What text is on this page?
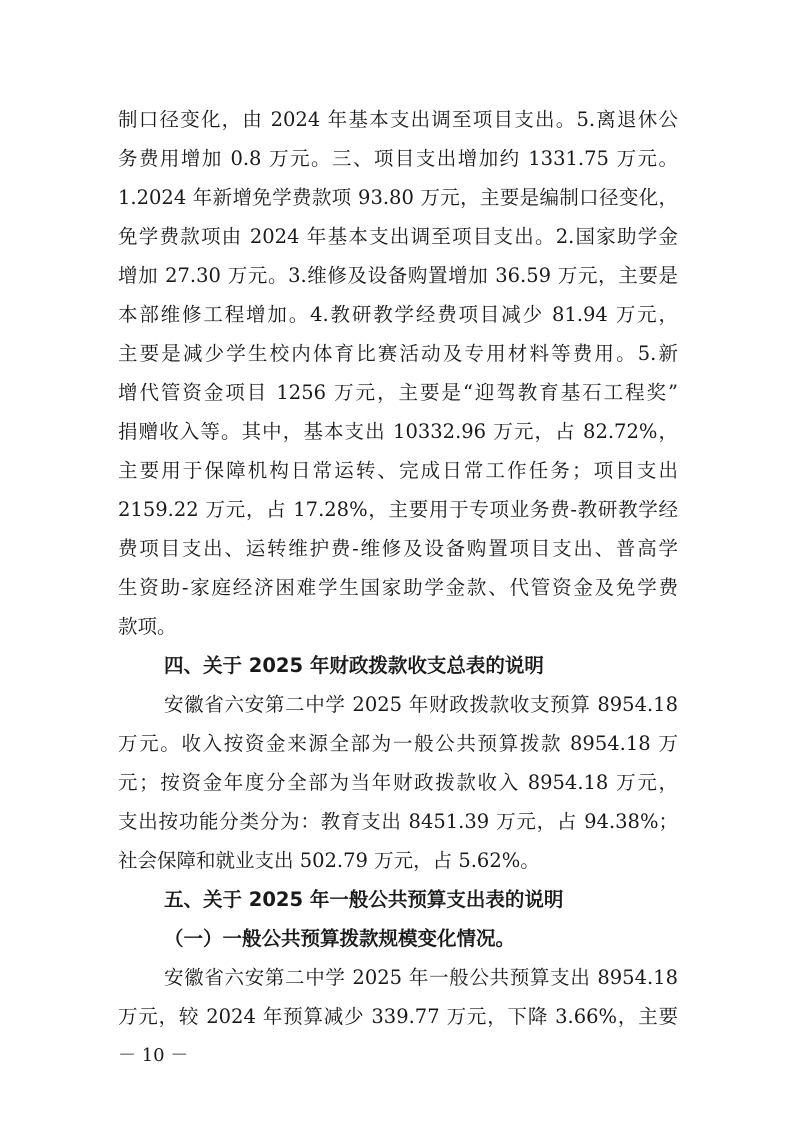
制口径变化，由 2024 年基本支出调至项目支出。5.离退休公
务费用增加 0.8 万元。三、项目支出增加约 1331.75 万元。
1.2024 年新增免学费款项 93.80 万元，主要是编制口径变化，
免学费款项由 2024 年基本支出调至项目支出。2.国家助学金
增加 27.30 万元。3.维修及设备购置增加 36.59 万元，主要是
本部维修工程增加。4.教研教学经费项目减少 81.94 万元，
主要是减少学生校内体育比赛活动及专用材料等费用。5.新
增代管资金项目 1256 万元，主要是“迎驾教育基石工程奖”
捐赠收入等。其中，基本支出 10332.96 万元，占 82.72%，
主要用于保障机构日常运转、完成日常工作任务；项目支出
2159.22 万元，占 17.28%，主要用于专项业务费-教研教学经
费项目支出、运转维护费-维修及设备购置项目支出、普高学
生资助-家庭经济困难学生国家助学金款、代管资金及免学费
款项。
四、关于 2025 年财政拨款收支总表的说明
安徽省六安第二中学 2025 年财政拨款收支预算 8954.18
万元。收入按资金来源全部为一般公共预算拨款 8954.18 万
元；按资金年度分全部为当年财政拨款收入 8954.18 万元，
支出按功能分类分为：教育支出 8451.39 万元，占 94.38%；
社会保障和就业支出 502.79 万元，占 5.62%。
五、关于 2025 年一般公共预算支出表的说明
（一）一般公共预算拨款规模变化情况。
安徽省六安第二中学 2025 年一般公共预算支出 8954.18
万元，较 2024 年预算减少 339.77 万元，下降 3.66%，主要
－ 10 －
